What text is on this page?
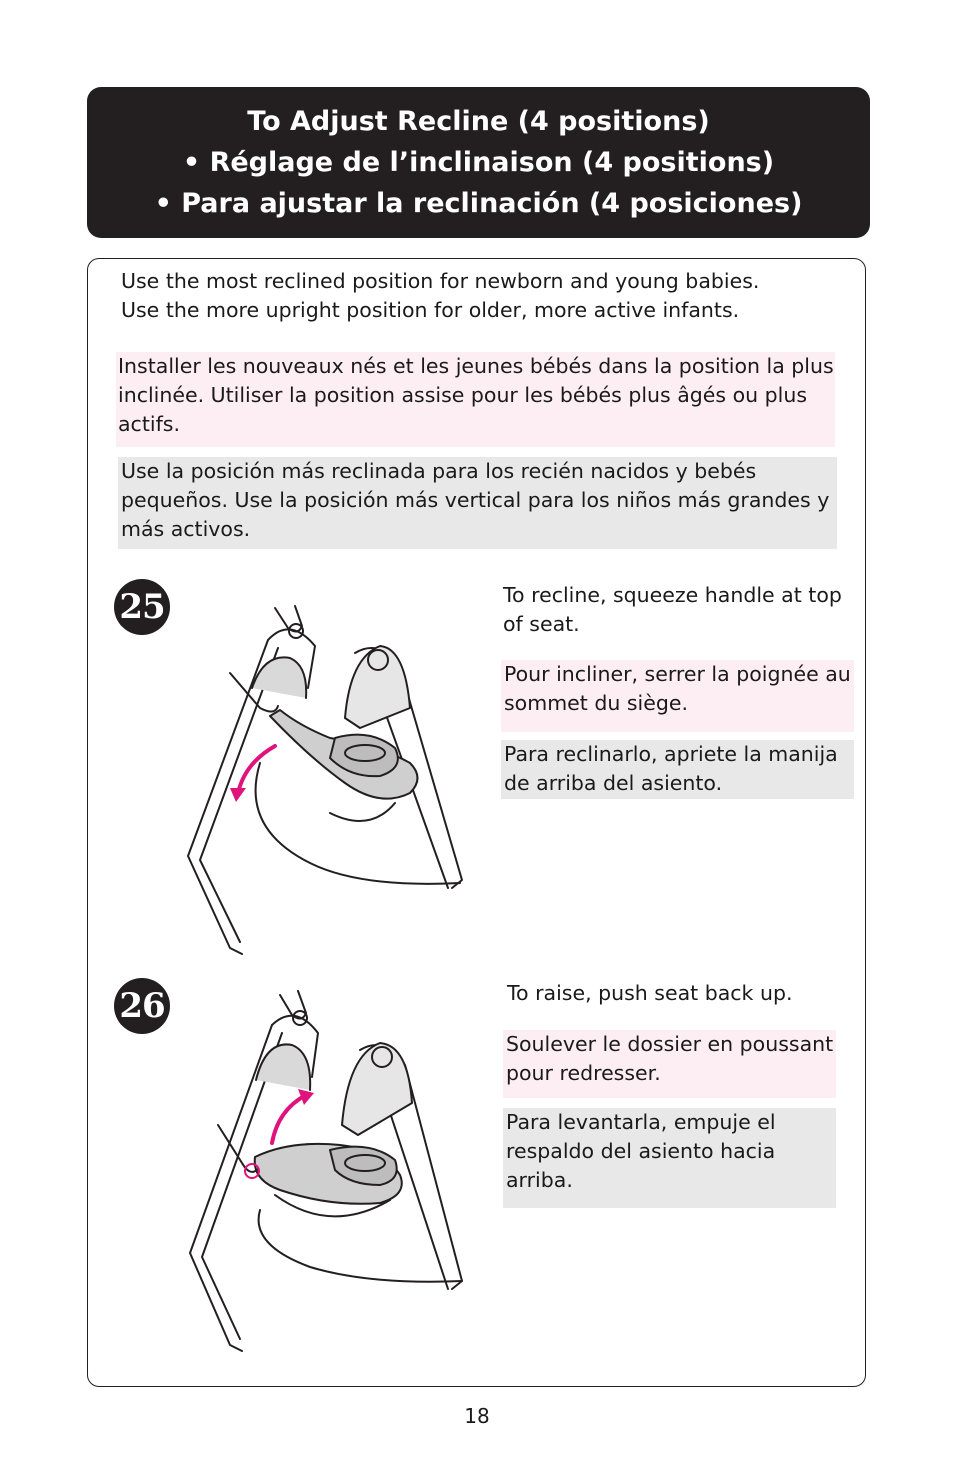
To Adjust Recline (4 positions)
• Réglage de l’inclinaison (4 positions)
• Para ajustar la reclinación (4 posiciones)
Use the most reclined position for newborn and young babies.
Use the more upright position for older, more active infants.
Installer les nouveaux nés et les jeunes bébés dans la position la plus inclinée. Utiliser la position assise pour les bébés plus âgés ou plus actifs.
Use la posición más reclinada para los recién nacidos y bebés pequeños. Use la posición más vertical para los niños más grandes y más activos.
25	To recline, squeeze handle at top of seat.
Pour incliner, serrer la poignée au sommet du siège.
Para reclinarlo, apriete la manija de arriba del asiento.
26	To raise, push seat back up.
Soulever le dossier en poussant pour redresser.
Para levantarla, empuje el respaldo del asiento hacia arriba.
18
